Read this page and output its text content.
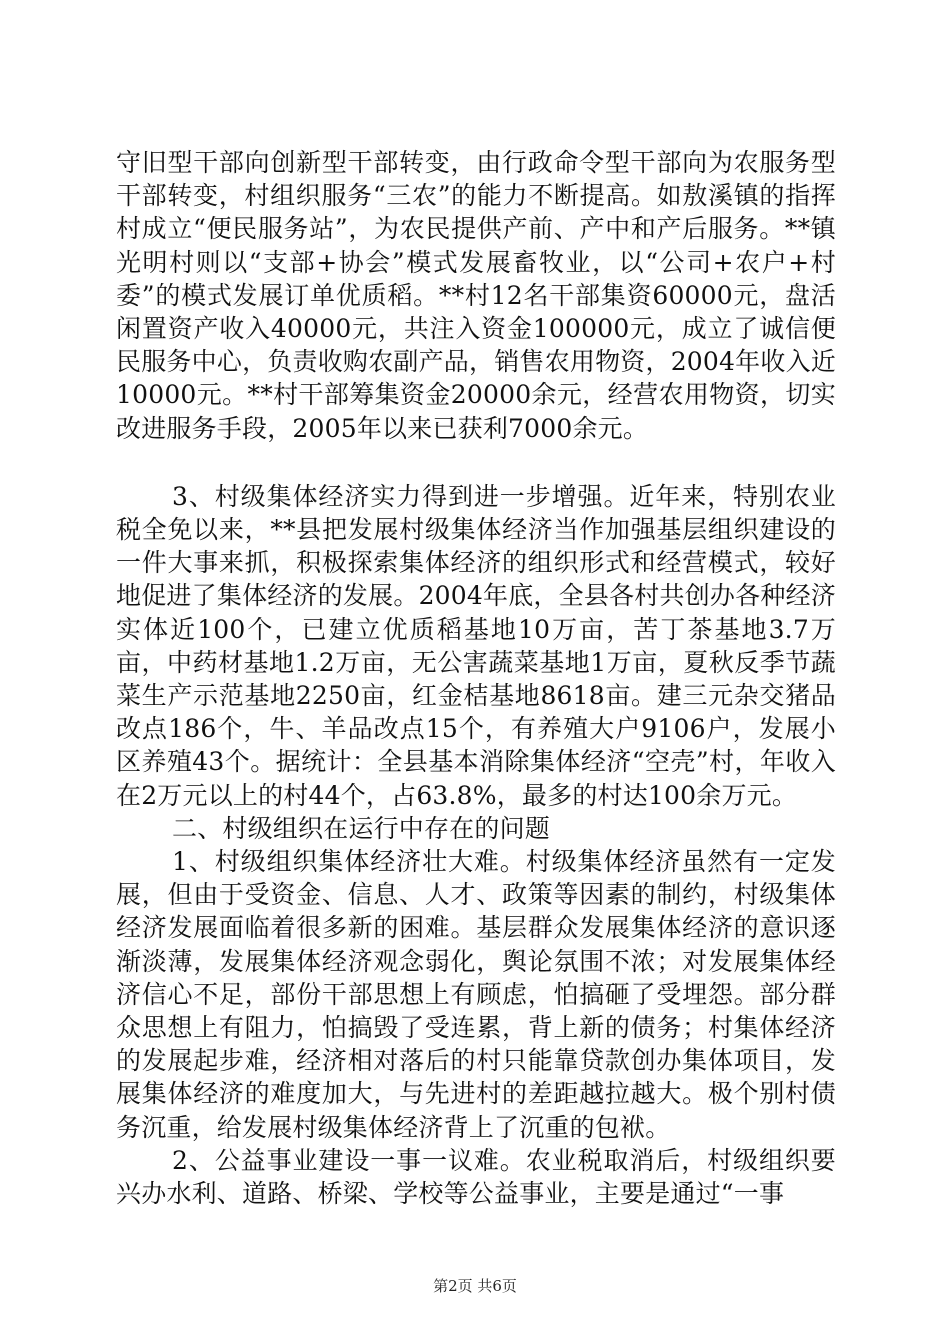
守旧型干部向创新型干部转变，由行政命令型干部向为农服务型干部转变，村组织服务“三农”的能力不断提高。如敖溪镇的指挥村成立“便民服务站”，为农民提供产前、产中和产后服务。**镇光明村则以“支部+协会”模式发展畜牧业，以“公司+农户+村委”的模式发展订单优质稻。**村12名干部集资60000元，盘活闲置资产收入40000元，共注入资金100000元，成立了诚信便民服务中心，负责收购农副产品，销售农用物资，2004年收入近10000元。**村干部筹集资金20000余元，经营农用物资，切实改进服务手段，2005年以来已获利7000余元。

3、村级集体经济实力得到进一步增强。近年来，特别农业税全免以来，**县把发展村级集体经济当作加强基层组织建设的一件大事来抓，积极探索集体经济的组织形式和经营模式，较好地促进了集体经济的发展。2004年底，全县各村共创办各种经济实体近100个，已建立优质稻基地10万亩，苦丁茶基地3.7万亩，中药材基地1.2万亩，无公害蔬菜基地1万亩，夏秋反季节蔬菜生产示范基地2250亩，红金桔基地8618亩。建三元杂交猪品改点186个，牛、羊品改点15个，有养殖大户9106户，发展小区养殖43个。据统计：全县基本消除集体经济“空壳”村，年收入在2万元以上的村44个，占63.8%，最多的村达100余万元。

二、村级组织在运行中存在的问题

1、村级组织集体经济壮大难。村级集体经济虽然有一定发展，但由于受资金、信息、人才、政策等因素的制约，村级集体经济发展面临着很多新的困难。基层群众发展集体经济的意识逐渐淡薄，发展集体经济观念弱化，舆论氛围不浓；对发展集体经济信心不足，部份干部思想上有顾虑，怕搞砸了受埋怨。部分群众思想上有阻力，怕搞毁了受连累，背上新的债务；村集体经济的发展起步难，经济相对落后的村只能靠贷款创办集体项目，发展集体经济的难度加大，与先进村的差距越拉越大。极个别村债务沉重，给发展村级集体经济背上了沉重的包袱。

2、公益事业建设一事一议难。农业税取消后，村级组织要兴办水利、道路、桥梁、学校等公益事业，主要是通过“一事

第2页 共6页
